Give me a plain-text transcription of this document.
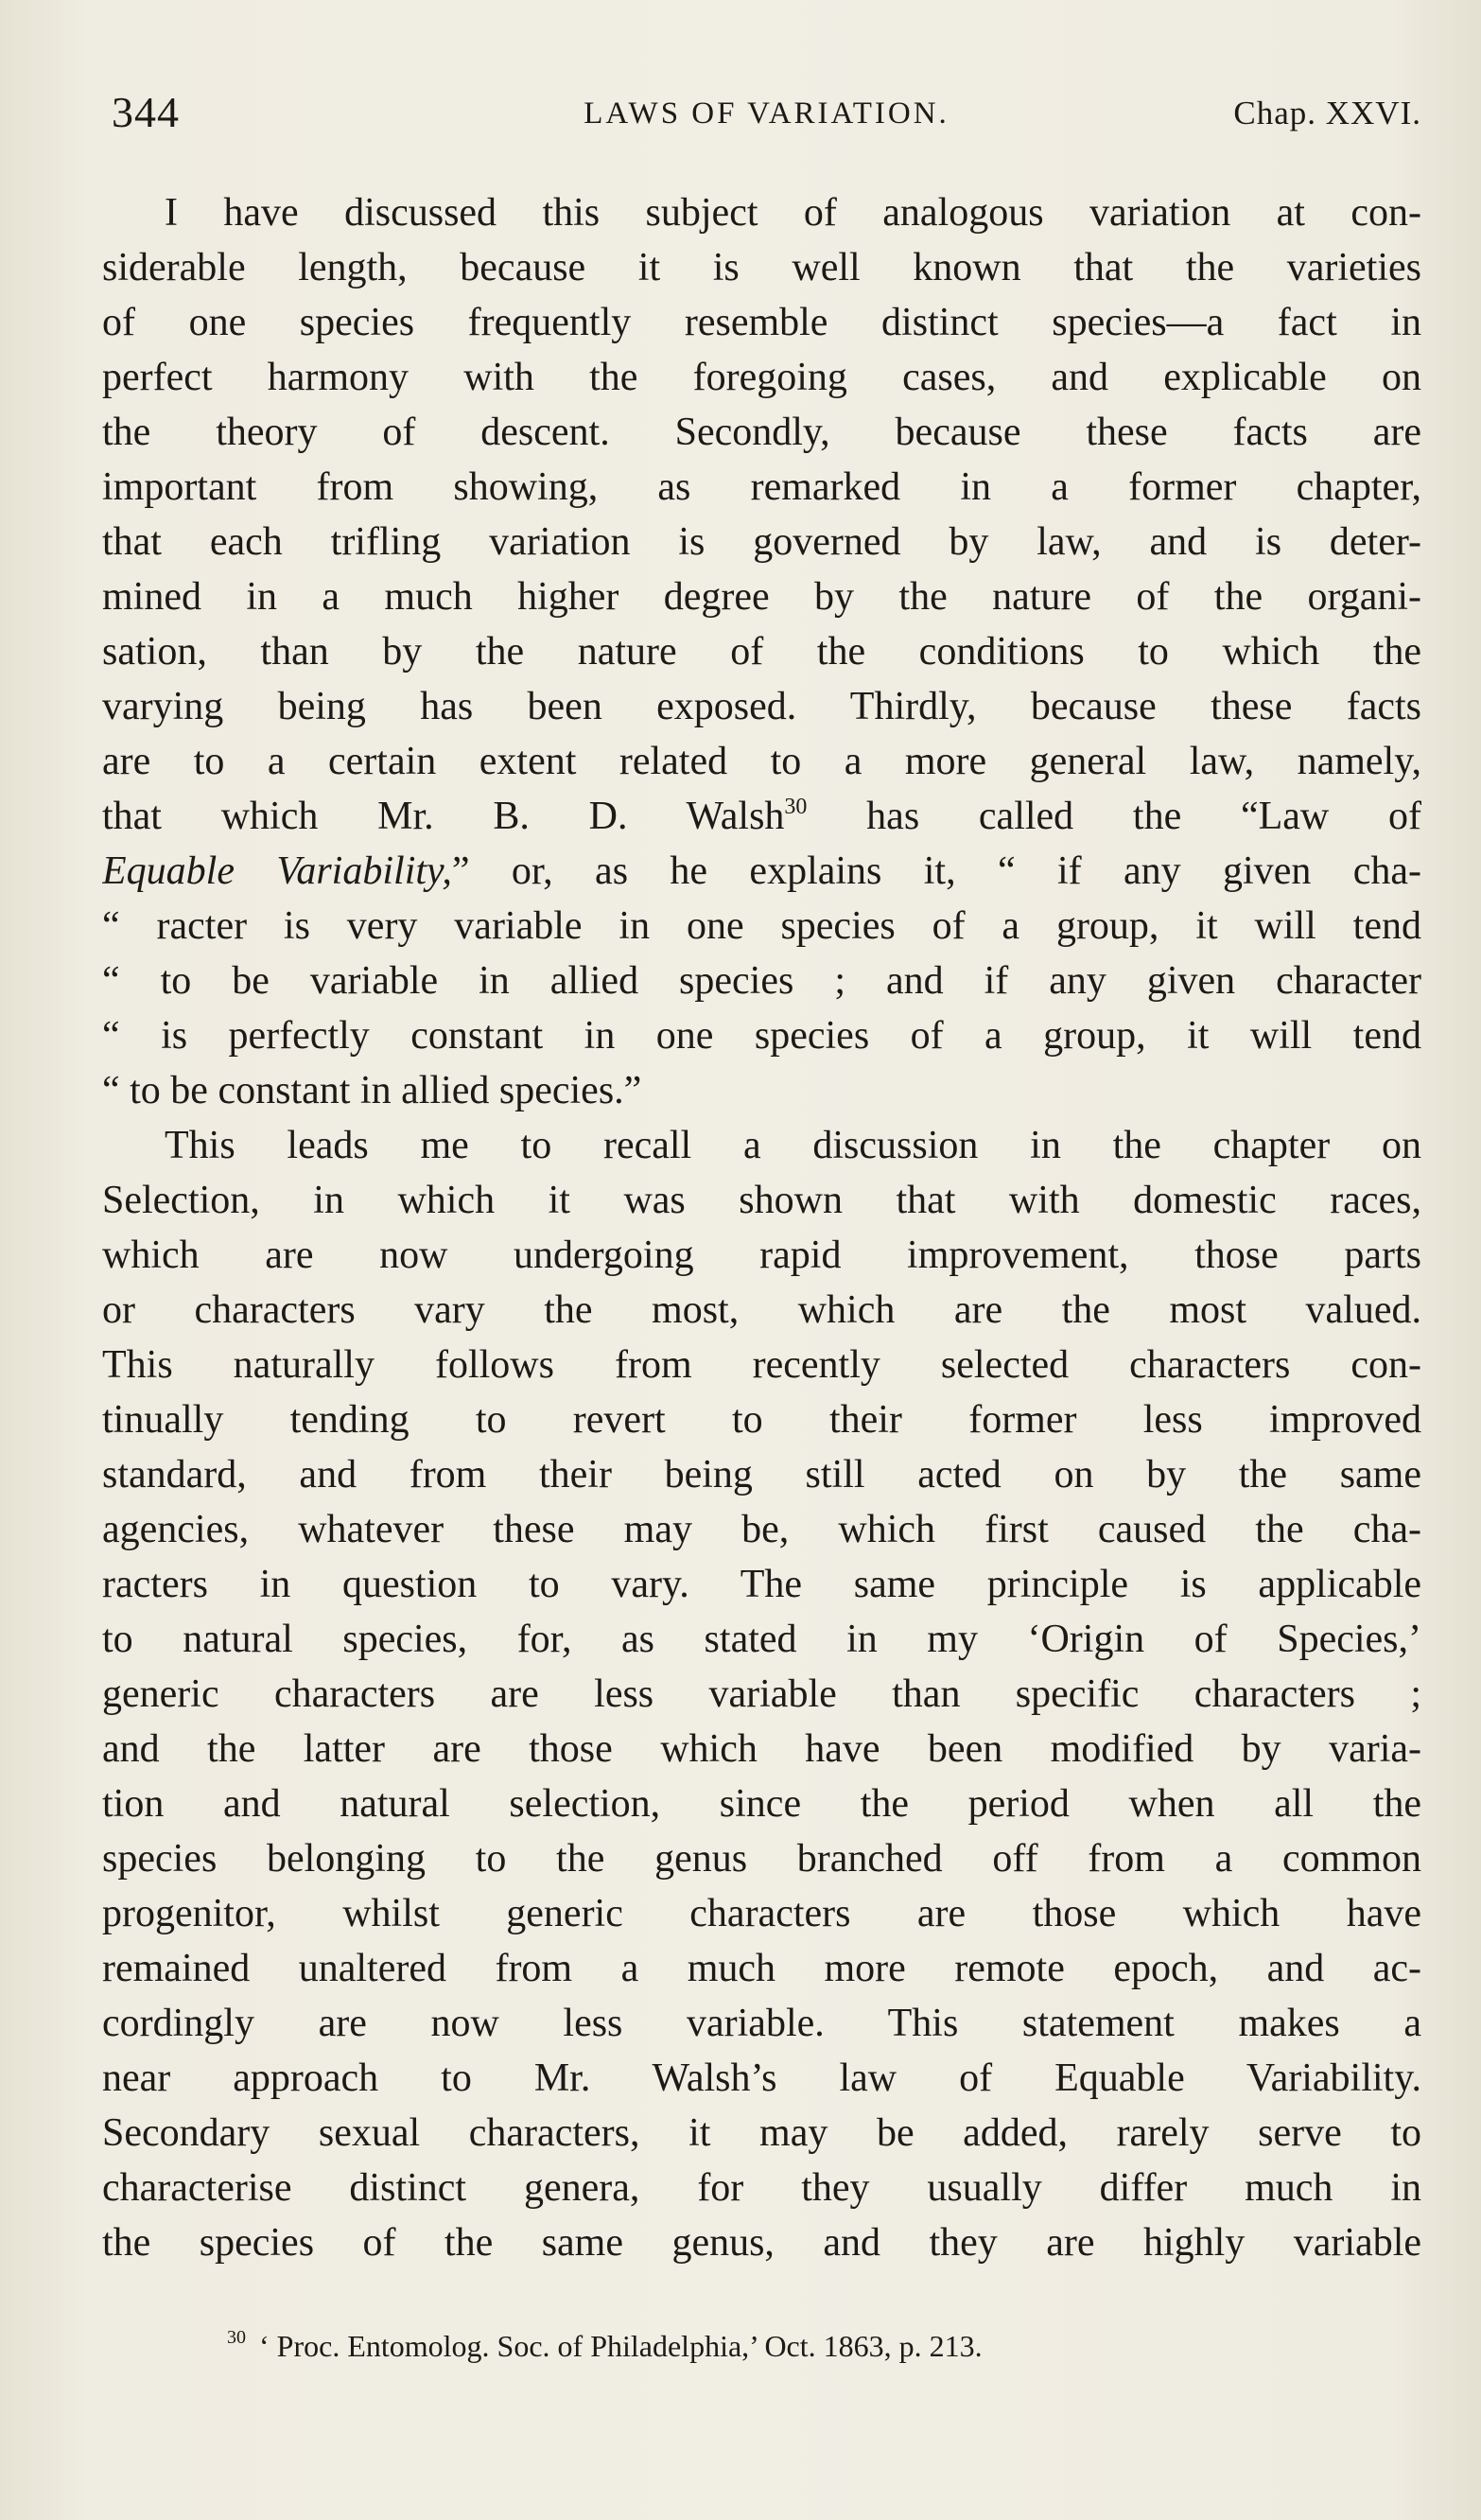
344	LAWS OF VARIATION.	Chap. XXVI.
I have discussed this subject of analogous variation at con-
siderable length, because it is well known that the varieties
of one species frequently resemble distinct species—a fact in
perfect harmony with the foregoing cases, and explicable on
the theory of descent. Secondly, because these facts are
important from showing, as remarked in a former chapter,
that each trifling variation is governed by law, and is deter-
mined in a much higher degree by the nature of the organi-
sation, than by the nature of the conditions to which the
varying being has been exposed. Thirdly, because these facts
are to a certain extent related to a more general law, namely,
that which Mr. B. D. Walsh$^{30}$ has called the “Law of
Equable Variability,” or, as he explains it, “ if any given cha-
“ racter is very variable in one species of a group, it will tend
“ to be variable in allied species ; and if any given character
“ is perfectly constant in one species of a group, it will tend
“ to be constant in allied species.”
This leads me to recall a discussion in the chapter on
Selection, in which it was shown that with domestic races,
which are now undergoing rapid improvement, those parts
or characters vary the most, which are the most valued.
This naturally follows from recently selected characters con-
tinually tending to revert to their former less improved
standard, and from their being still acted on by the same
agencies, whatever these may be, which first caused the cha-
racters in question to vary. The same principle is applicable
to natural species, for, as stated in my ‘Origin of Species,’
generic characters are less variable than specific characters ;
and the latter are those which have been modified by varia-
tion and natural selection, since the period when all the
species belonging to the genus branched off from a common
progenitor, whilst generic characters are those which have
remained unaltered from a much more remote epoch, and ac-
cordingly are now less variable. This statement makes a
near approach to Mr. Walsh’s law of Equable Variability.
Secondary sexual characters, it may be added, rarely serve to
characterise distinct genera, for they usually differ much in
the species of the same genus, and they are highly variable
$^{30}$ ‘ Proc. Entomolog. Soc. of Philadelphia,’ Oct. 1863, p. 213.
